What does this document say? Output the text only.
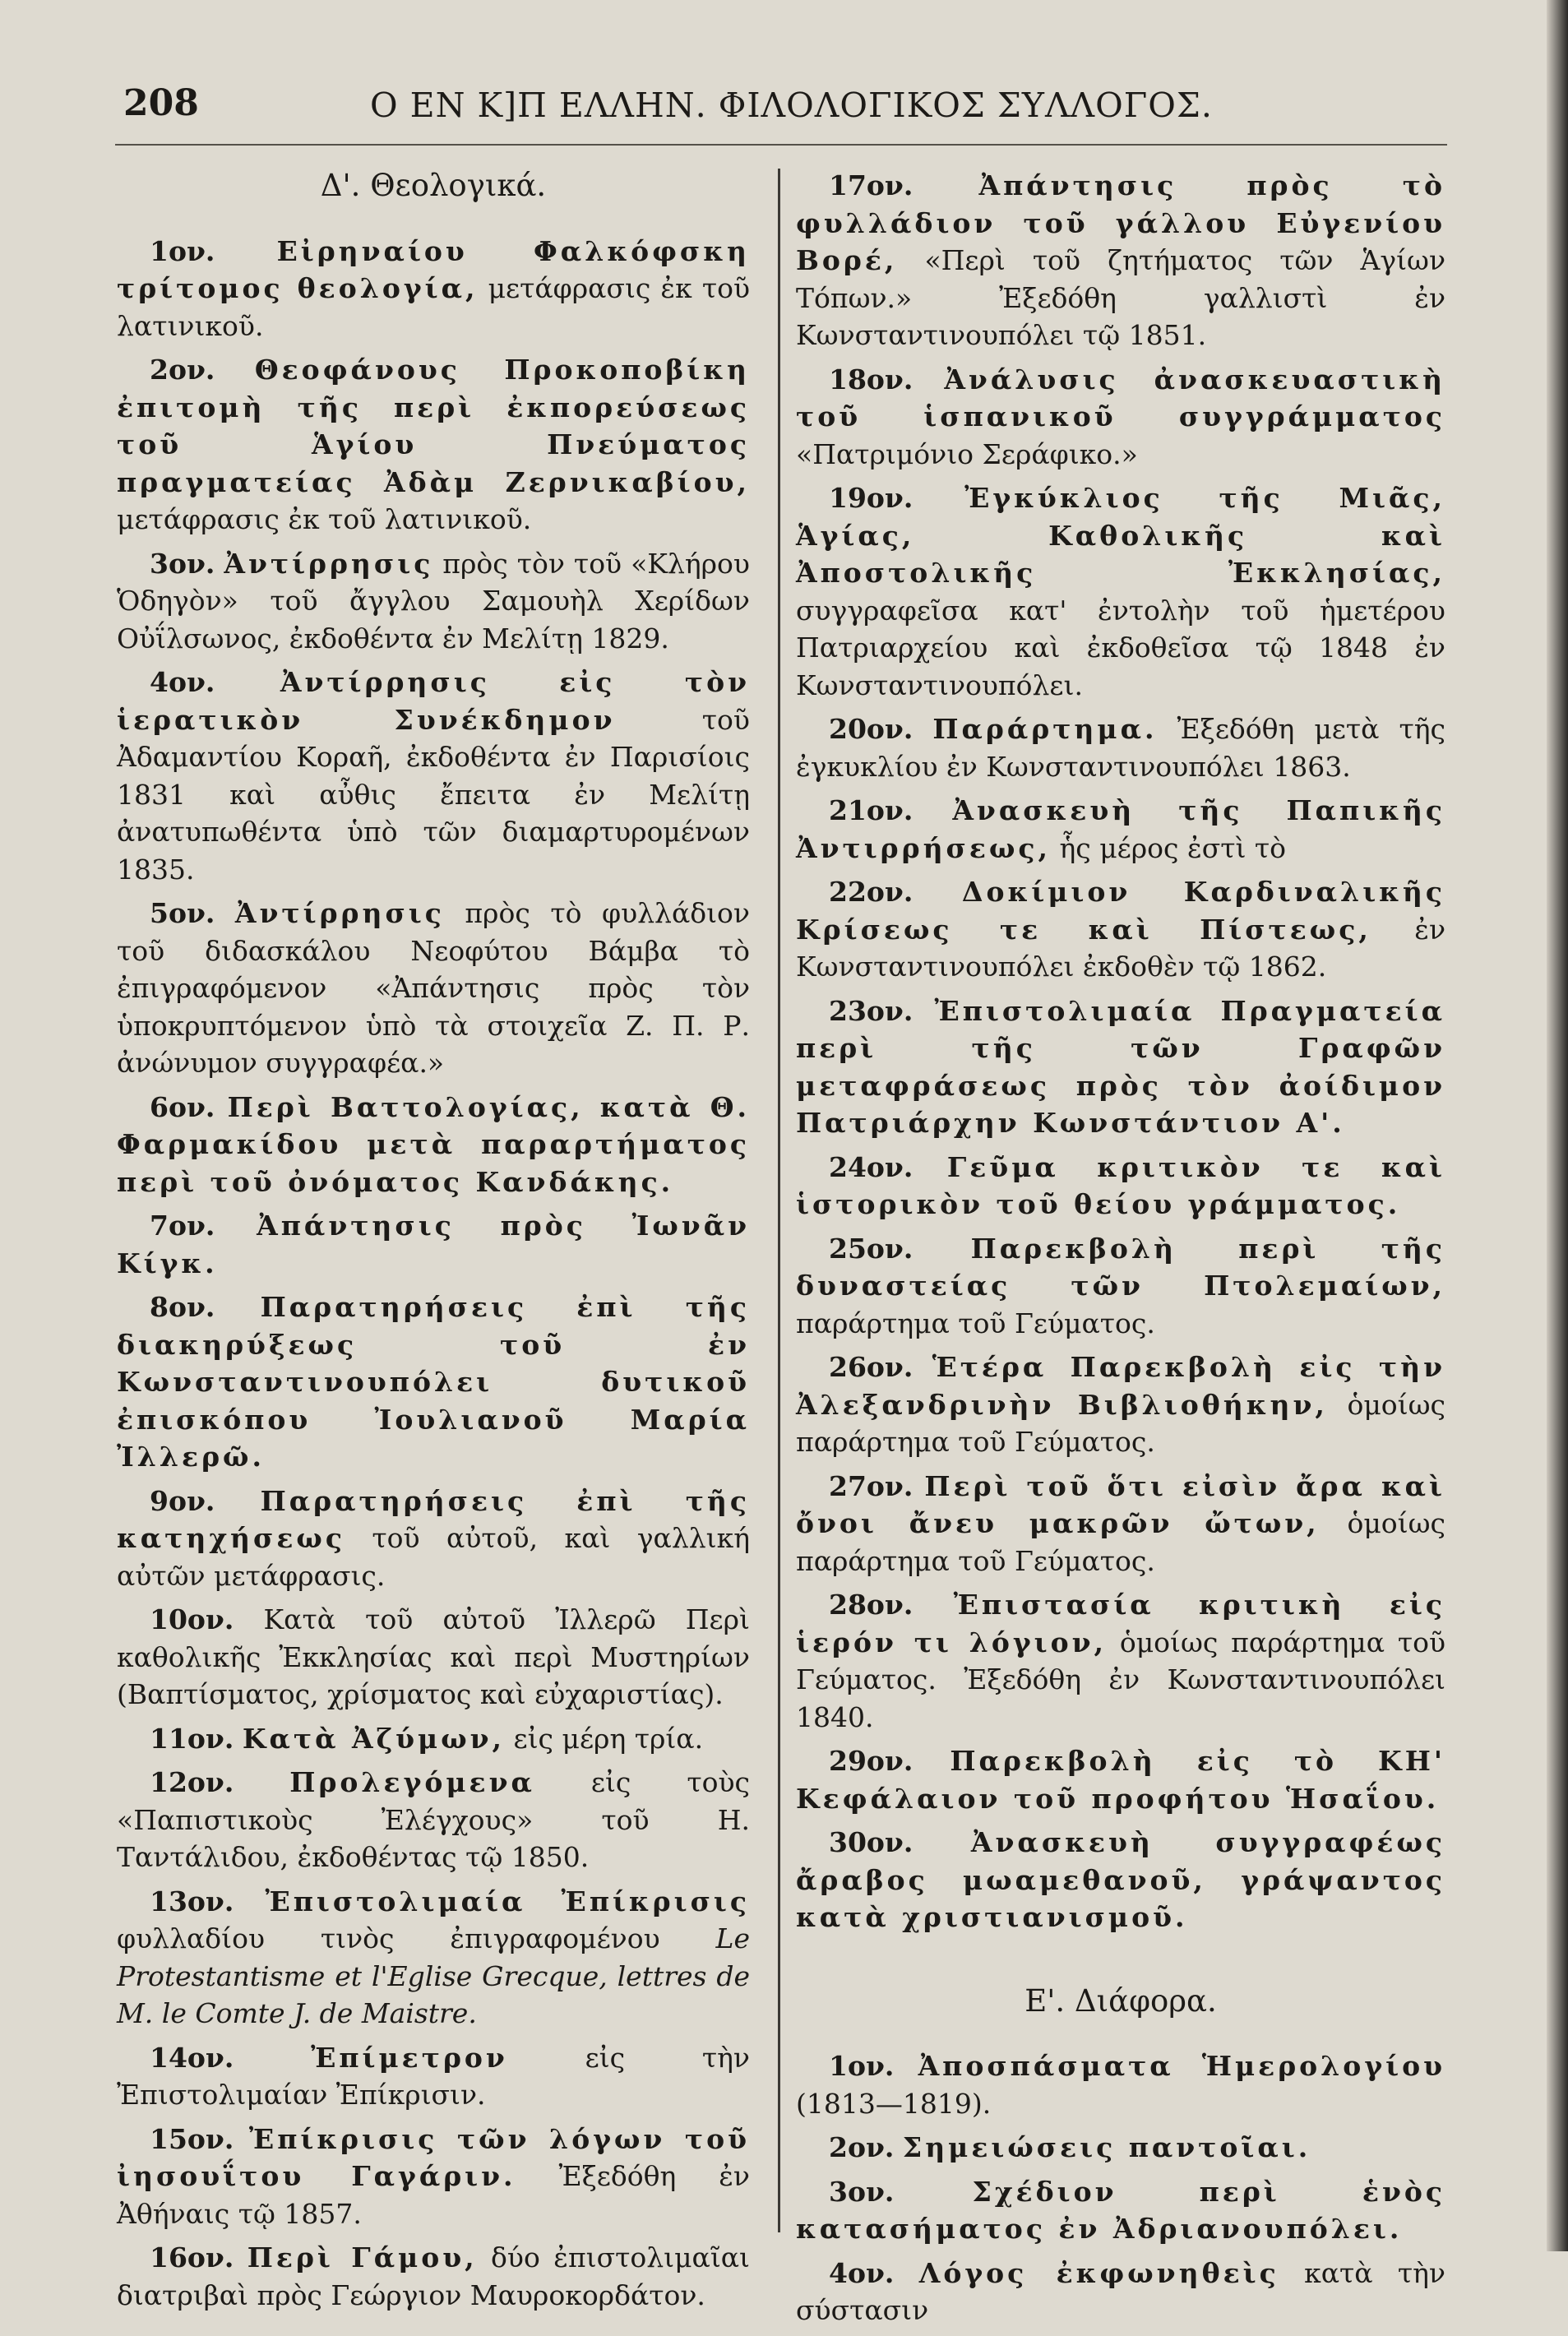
208	Ο ΕΝ Κ]Π ΕΛΛΗΝ. ΦΙΛΟΛΟΓΙΚΟΣ ΣΥΛΛΟΓΟΣ.
Δ'. Θεολογικά.

1ον. Εἰρηναίου Φαλκόφσκη τρίτομος θεολογία, μετάφρασις ἐκ τοῦ λατινικοῦ.

2ον. Θεοφάνους Προκοποβίκη ἐπιτομὴ τῆς περὶ ἐκπορεύσεως τοῦ Ἁγίου Πνεύματος πραγματείας Ἀδὰμ Ζερνικαβίου, μετάφρασις ἐκ τοῦ λατινικοῦ.

3ον. Ἀντίρρησις πρὸς τὸν τοῦ «Κλήρου Ὁδηγὸν» τοῦ ἄγγλου Σαμουὴλ Χερίδων Οὐΐλσωνος, ἐκδοθέντα ἐν Μελίτῃ 1829.

4ον. Ἀντίρρησις εἰς τὸν ἱερατικὸν Συνέκδημον τοῦ Ἀδαμαντίου Κοραῆ, ἐκδοθέντα ἐν Παρισίοις 1831 καὶ αὖθις ἔπειτα ἐν Μελίτῃ ἀνατυπωθέντα ὑπὸ τῶν διαμαρτυρομένων 1835.

5ον. Ἀντίρρησις πρὸς τὸ φυλλάδιον τοῦ διδασκάλου Νεοφύτου Βάμβα τὸ ἐπιγραφόμενον «Ἀπάντησις πρὸς τὸν ὑποκρυπτόμενον ὑπὸ τὰ στοιχεῖα Ζ. Π. Ρ. ἀνώνυμον συγγραφέα.»

6ον. Περὶ Βαττολογίας, κατὰ Θ. Φαρμακίδου μετὰ παραρτήματος περὶ τοῦ ὀνόματος Κανδάκης.

7ον. Ἀπάντησις πρὸς Ἰωνᾶν Κίγκ.

8ον. Παρατηρήσεις ἐπὶ τῆς διακηρύξεως τοῦ ἐν Κωνσταντινουπόλει δυτικοῦ ἐπισκόπου Ἰουλιανοῦ Μαρία Ἰλλερῶ.

9ον. Παρατηρήσεις ἐπὶ τῆς κατηχήσεως τοῦ αὐτοῦ, καὶ γαλλική αὐτῶν μετάφρασις.

10ον. Κατὰ τοῦ αὐτοῦ Ἰλλερῶ Περὶ καθολικῆς Ἐκκλησίας καὶ περὶ Μυστηρίων (Βαπτίσματος, χρίσματος καὶ εὐχαριστίας).

11ον. Κατὰ Ἀζύμων, εἰς μέρη τρία.

12ον. Προλεγόμενα εἰς τοὺς «Παπιστικοὺς Ἐλέγχους» τοῦ Η. Ταντάλιδου, ἐκδοθέντας τῷ 1850.

13ον. Ἐπιστολιμαία Ἐπίκρισις φυλλαδίου τινὸς ἐπιγραφομένου Le Protestantisme et l'Eglise Grecque, lettres de M. le Comte J. de Maistre.

14ον.	Ἐπίμετρον εἰς τὴν Ἐπιστολιμαίαν Ἐπίκρισιν.

15ον. Ἐπίκρισις τῶν λόγων τοῦ ἰησουΐτου Γαγάριν. Ἐξεδόθη ἐν Ἀθήναις τῷ 1857.

16ον. Περὶ Γάμου, δύο ἐπιστολιμαῖαι διατριβαὶ πρὸς Γεώργιον Μαυροκορδάτον.

17ον. Ἀπάντησις πρὸς τὸ φυλλάδιον τοῦ γάλλου Εὐγενίου Βορέ, «Περὶ τοῦ ζητήματος τῶν Ἁγίων Τόπων.» Ἐξεδόθη γαλλιστὶ ἐν Κωνσταντινουπόλει τῷ 1851.

18ον. Ἀνάλυσις ἀνασκευαστικὴ τοῦ ἱσπανικοῦ συγγράμματος «Πατριμόνιο Σεράφικο.»

19ον. Ἐγκύκλιος τῆς Μιᾶς, Ἁγίας, Καθολικῆς καὶ Ἀποστολικῆς Ἐκκλησίας, συγγραφεῖσα κατ' ἐντολὴν τοῦ ἡμετέρου Πατριαρχείου καὶ ἐκδοθεῖσα τῷ 1848 ἐν Κωνσταντινουπόλει.

20ον. Παράρτημα. Ἐξεδόθη μετὰ τῆς ἐγκυκλίου ἐν Κωνσταντινουπόλει 1863.

21ον. Ἀνασκευὴ τῆς Παπικῆς Ἀντιρρήσεως, ἧς μέρος ἐστὶ τὸ

22ον. Δοκίμιον Καρδιναλικῆς Κρίσεως τε καὶ Πίστεως, ἐν Κωνσταντινουπόλει ἐκδοθὲν τῷ 1862.

23ον. Ἐπιστολιμαία Πραγματεία περὶ τῆς τῶν Γραφῶν μεταφράσεως πρὸς τὸν ἀοίδιμον Πατριάρχην Κωνστάντιον Α'.

24ον. Γεῦμα κριτικὸν τε καὶ ἱστορικὸν τοῦ θείου γράμματος.

25ον. Παρεκβολὴ περὶ τῆς δυναστείας τῶν Πτολεμαίων, παράρτημα τοῦ Γεύματος.

26ον. Ἑτέρα Παρεκβολὴ εἰς τὴν Ἀλεξανδρινὴν Βιβλιοθήκην, ὁμοίως παράρτημα τοῦ Γεύματος.

27ον. Περὶ τοῦ ὅτι εἰσὶν ἄρα καὶ ὄνοι ἄνευ μακρῶν ὤτων, ὁμοίως παράρτημα τοῦ Γεύματος.

28ον. Ἐπιστασία κριτικὴ εἰς ἱερόν τι λόγιον, ὁμοίως παράρτημα τοῦ Γεύματος. Ἐξεδόθη ἐν Κωνσταντινουπόλει 1840.

29ον. Παρεκβολὴ εἰς τὸ ΚΗ' Κεφάλαιον τοῦ προφήτου Ἡσαΐου.

30ον. Ἀνασκευὴ συγγραφέως ἄραβος μωαμεθανοῦ, γράψαντος κατὰ χριστιανισμοῦ.

Ε'. Διάφορα.

1ον. Ἀποσπάσματα Ἡμερολογίου (1813—1819).

2ον. Σημειώσεις παντοῖαι.

3ον.	Σχέδιον περὶ ἑνὸς κατασήματος ἐν Ἀδριανουπόλει.

4ον. Λόγος ἐκφωνηθεὶς κατὰ τὴν σύστασιν
